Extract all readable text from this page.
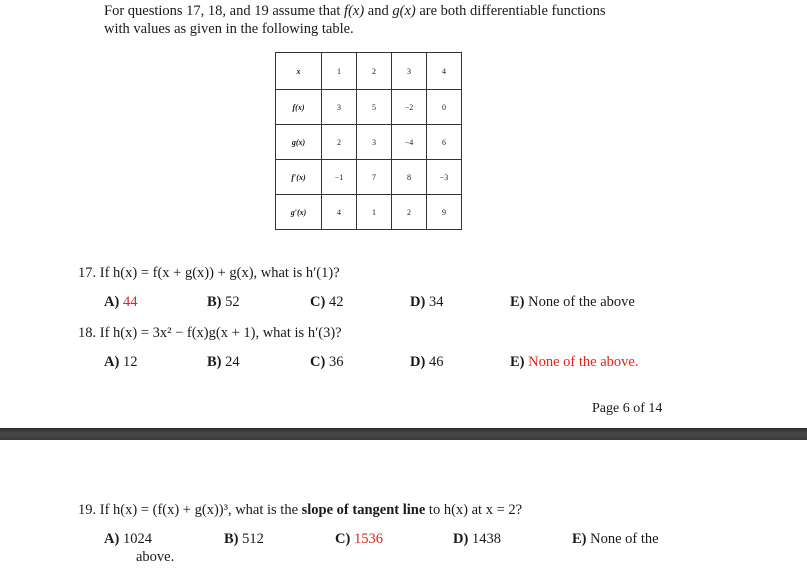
For questions 17, 18, and 19 assume that f(x) and g(x) are both differentiable functions
with values as given in the following table.
x	1	2	3	4
f(x)	3	5	−2	0
g(x)	2	3	−4	6
f′(x)	−1	7	8	−3
g′(x)	4	1	2	9
17. If h(x) = f(x + g(x)) + g(x), what is h′(1)?
A) 44	B) 52	C) 42	D) 34	E) None of the above
18. If h(x) = 3x² − f(x)g(x + 1), what is h′(3)?
A) 12	B) 24	C) 36	D) 46	E) None of the above.
Page 6 of 14
19. If h(x) = (f(x) + g(x))³, what is the slope of tangent line to h(x) at x = 2?
A) 1024
above.
B) 512	C) 1536	D) 1438	E) None of the
